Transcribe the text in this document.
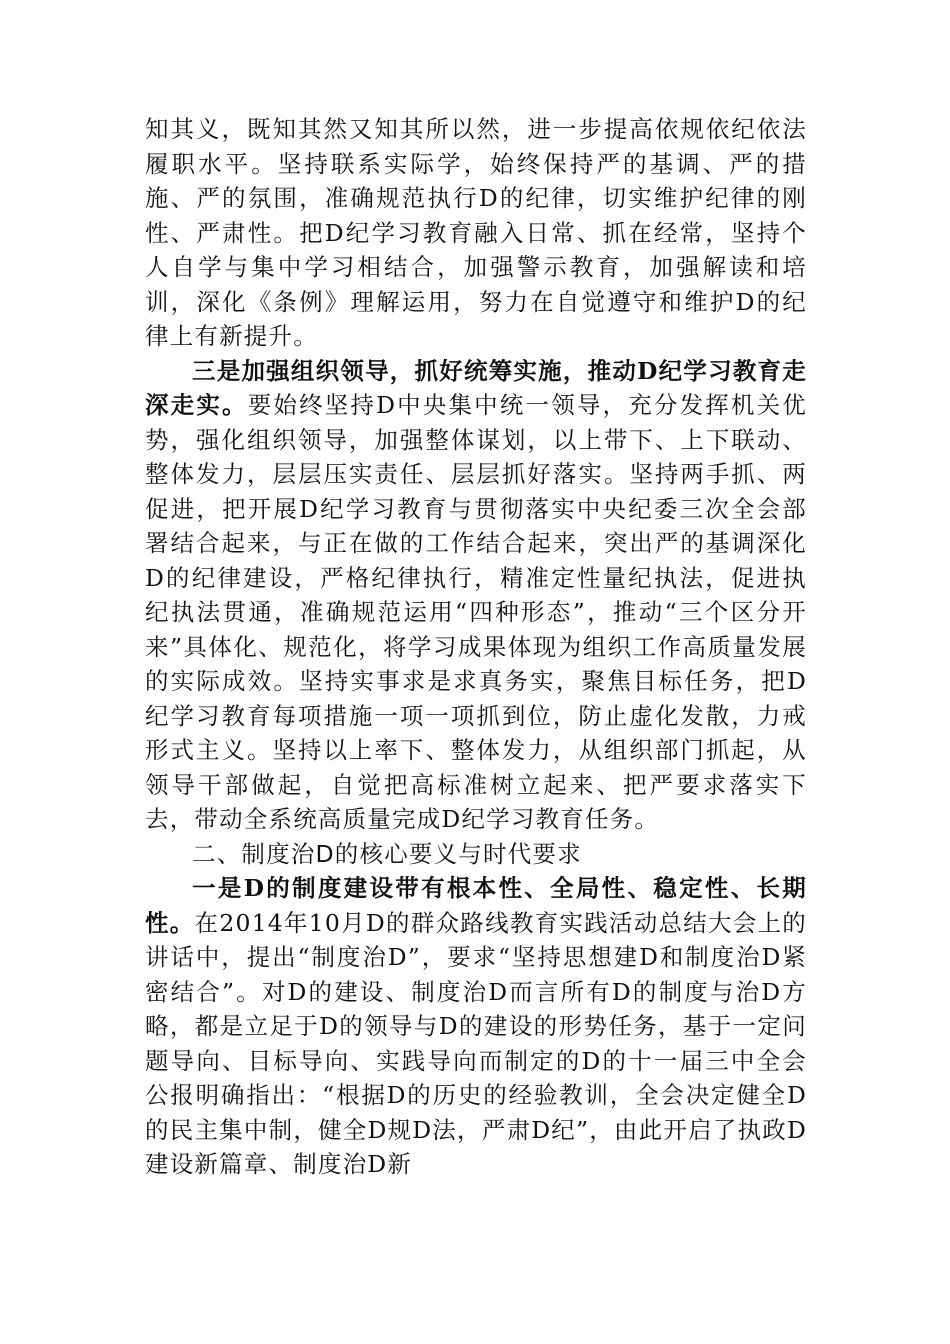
知其义，既知其然又知其所以然，进一步提高依规依纪依法履职水平。坚持联系实际学，始终保持严的基调、严的措施、严的氛围，准确规范执行D的纪律，切实维护纪律的刚性、严肃性。把D纪学习教育融入日常、抓在经常，坚持个人自学与集中学习相结合，加强警示教育，加强解读和培训，深化《条例》理解运用，努力在自觉遵守和维护D的纪律上有新提升。

三是加强组织领导，抓好统筹实施，推动D纪学习教育走深走实。要始终坚持D中央集中统一领导，充分发挥机关优势，强化组织领导，加强整体谋划，以上带下、上下联动、整体发力，层层压实责任、层层抓好落实。坚持两手抓、两促进，把开展D纪学习教育与贯彻落实中央纪委三次全会部署结合起来，与正在做的工作结合起来，突出严的基调深化D的纪律建设，严格纪律执行，精准定性量纪执法，促进执纪执法贯通，准确规范运用“四种形态”，推动“三个区分开来”具体化、规范化，将学习成果体现为组织工作高质量发展的实际成效。坚持实事求是求真务实，聚焦目标任务，把D纪学习教育每项措施一项一项抓到位，防止虚化发散，力戒形式主义。坚持以上率下、整体发力，从组织部门抓起，从领导干部做起，自觉把高标准树立起来、把严要求落实下去，带动全系统高质量完成D纪学习教育任务。

二、制度治D的核心要义与时代要求

一是D的制度建设带有根本性、全局性、稳定性、长期性。在2014年10月D的群众路线教育实践活动总结大会上的讲话中，提出“制度治D”，要求“坚持思想建D和制度治D紧密结合”。对D的建设、制度治D而言所有D的制度与治D方略，都是立足于D的领导与D的建设的形势任务，基于一定问题导向、目标导向、实践导向而制定的D的十一届三中全会公报明确指出：“根据D的历史的经验教训，全会决定健全D的民主集中制，健全D规D法，严肃D纪”，由此开启了执政D建设新篇章、制度治D新
